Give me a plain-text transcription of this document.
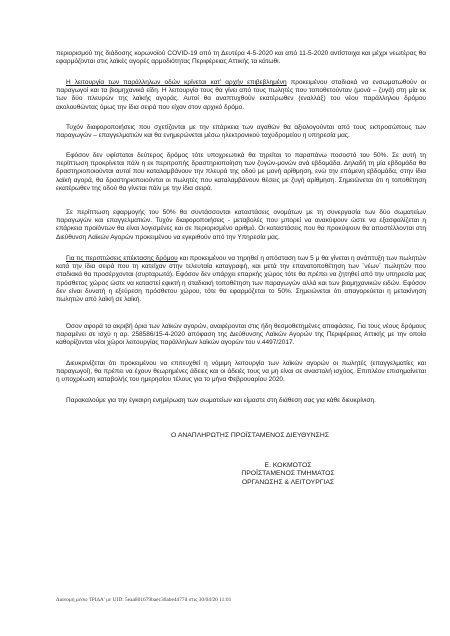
περιορισμού της διάδοσης κορωνοϊού COVID-19 από τη Δευτέρα 4-5-2020 και από 11-5-2020 αντίστοιχα και μέχρι νεωτέρας θα εφαρμόζονται στις λαϊκές αγορές αρμοδιότητας Περιφέρειας Αττικής τα κάτωθι.
Η λειτουργία των παράλληλων οδών κρίνεται κατ’ αρχήν επιβεβλημένη προκειμένου σταδιακά να ενσωματωθούν οι παραγωγοί και τα βιομηχανικά είδη. Η λειτουργία τους θα γίνει από τους πωλητές που τοποθετούνταν (μονά – ζυγά) στη μία εκ των δύο πλευρών της λαϊκής αγοράς. Αυτοί θα αναπτυχθούν εκατέρωθεν (εναλλάξ) του νέου παράλληλου δρόμου ακολουθώντας όμως την ίδια σειρά που είχαν στον αρχικό δρόμο.
Τυχόν διαφοροποιήσεις που σχετίζονται με την επάρκεια των αγαθών θα αξιολογούνται από τους εκπροσώπους των παραγωγών – επαγγελματιών και θα ενημερώνεται μέσω ηλεκτρονικού ταχυδρομείου η υπηρεσία μας.
Εφόσον δεν υφίσταται δεύτερος δρόμος τότε υποχρεωτικά θα τηρείται το παραπάνω ποσοστό του 50%. Σε αυτή τη περίπτωση προκρίνεται πάλι η εκ περιτροπής δραστηριοποίηση των ζυγών-μονών ανά εβδομάδα. Δηλαδή τη μία εβδομάδα θα δραστηριοποιούνται αυτοί που καταλαμβάνουν την πλευρά της οδού με μονή αρίθμηση, ενώ την επόμενη εβδομάδα, στην ίδια λαϊκή αγορά, θα δραστηριοποιούνται οι πωλητές που καταλαμβάνουν θέσεις με ζυγή αρίθμηση. Σημειώνεται ότι η τοποθέτηση εκατέρωθεν της οδού θα γίνεται πάλι με την ίδια σειρά.
Σε περίπτωση εφαρμογής του 50% θα συντάσσονται καταστάσεις ονομάτων με τη συνεργασία των δύο σωματείων παραγωγών και επαγγελματιών. Τυχόν διαφοροποιήσεις - μεταβολές που μπορεί να ανακύψουν ώστε να εξασφαλίζεται η επάρκεια προϊόντων θα είναι λογισμένες και σε περιορισμένο αριθμό. Οι καταστάσεις που θα προκύψουν θα αποστέλλονται στη Διεύθυνση Λαϊκών Αγορών προκειμένου να εγκριθούν από την Υπηρεσία μας.
Για τις περιπτώσεις επέκτασης δρόμου και προκειμένου να τηρηθεί η απόσταση των 5 μ θα γίνεται η ανάπτυξη των πωλητών κατά την ίδια σειρά που τη κατείχαν στην τελευταία καταγραφή, και μετά την επανατοποθέτηση των ¨νέων¨ πωλητών που σταδιακά θα προσέρχονται (συρταρωτά). Εφόσον δεν υπάρχει επαρκής χώρος τότε θα πρέπει να ζητηθεί από την υπηρεσία μας πρόσθετος χώρος ώστε να καταστεί εφικτή η σταδιακή τοποθέτηση των παραγωγών αλλά και των βιομηχανικών ειδών. Εφόσον δεν είναι δυνατή η εξεύρεση πρόσθετου χώρου, τότε θα εφαρμόζεται το 50%. Σημειώνεται ότι απαγορεύεται η μετακίνηση πωλητών από λαϊκή σε λαϊκή.
Όσον αφορά τα ακριβή όρια των λαϊκών αγορών, αναφέρονται στις ήδη θεσμοθετημένες αποφάσεις. Για τους νέους δρόμους παραμένει σε ισχύ η αρ. 258586/15-4-2020 απόφαση της Διεύθυνσης Λαϊκών Αγορών της Περιφέρειας Αττικής με την οποία καθορίζονται νέοι χώροι λειτουργίας παράλληλων λαϊκών αγορών του ν.4497/2017.
Διευκρινίζεται ότι προκειμένου να επιτευχθεί η νόμιμη λειτουργία των λαϊκών αγορών οι πωλητές (επαγγελματίες και παραγωγοί), θα πρέπει να έχουν θεωρημένες άδειες και οι άδειές τους να μη είναι σε αναστολή ισχύος. Επιπλέον επισημαίνεται η υποχρέωση καταβολής του ημερησίου τέλους για το μήνα Φεβρουαρίου 2020.
Παρακαλούμε για την έγκαιρη ενημέρωση των σωματείων και είμαστε στη διάθεση σας για κάθε διευκρίνιση.
Ο ΑΝΑΠΛΗΡΩΤΗΣ ΠΡΟΪΣΤΑΜΕΝΟΣ ΔΙΕΥΘΥΝΣΗΣ
Ε. ΚΟΚΜΟΤΟΣ
ΠΡΟΪΣΤΑΜΕΝΟΣ ΤΜΗΜΑΤΟΣ
ΟΡΓΑΝΩΣΗΣ & ΛΕΙΤΟΥΡΓΙΑΣ
Διανομή μέσω 'ΙΡΙΔΑ' με UID: 5eaa801679baec30abe4477d στις 30/04/20 11:01
